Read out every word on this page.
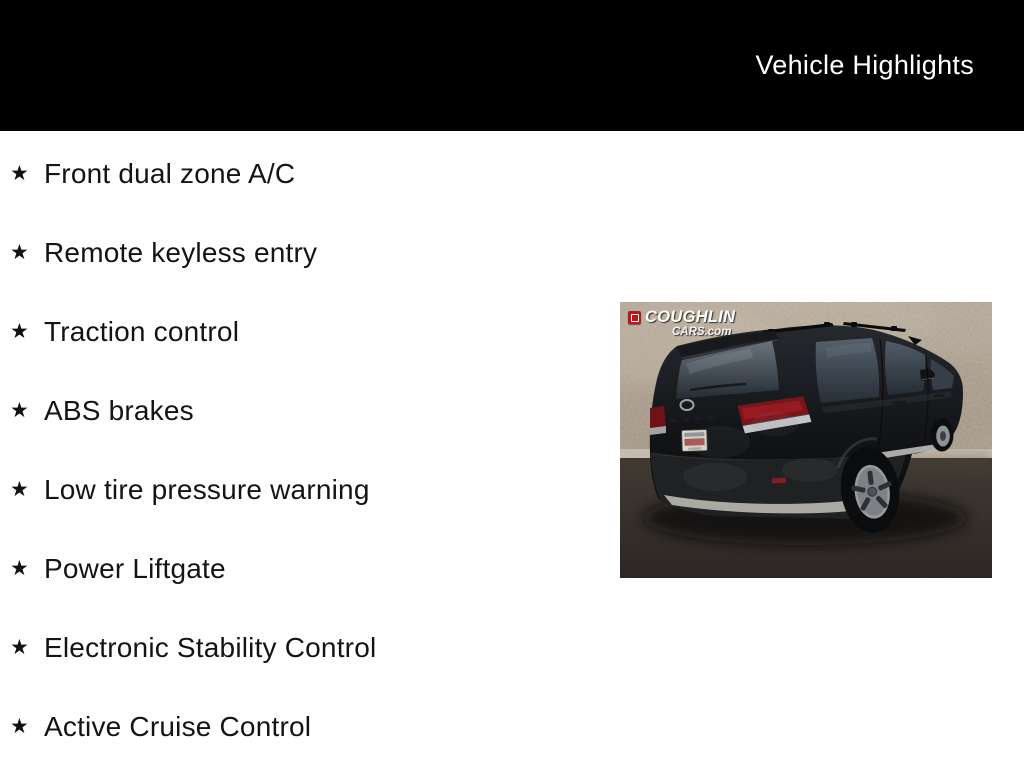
Vehicle Highlights
★ Front dual zone A/C
★ Remote keyless entry
★ Traction control
★ ABS brakes
★ Low tire pressure warning
★ Power Liftgate
★ Electronic Stability Control
★ Active Cruise Control
COUGHLIN
CARS.com
